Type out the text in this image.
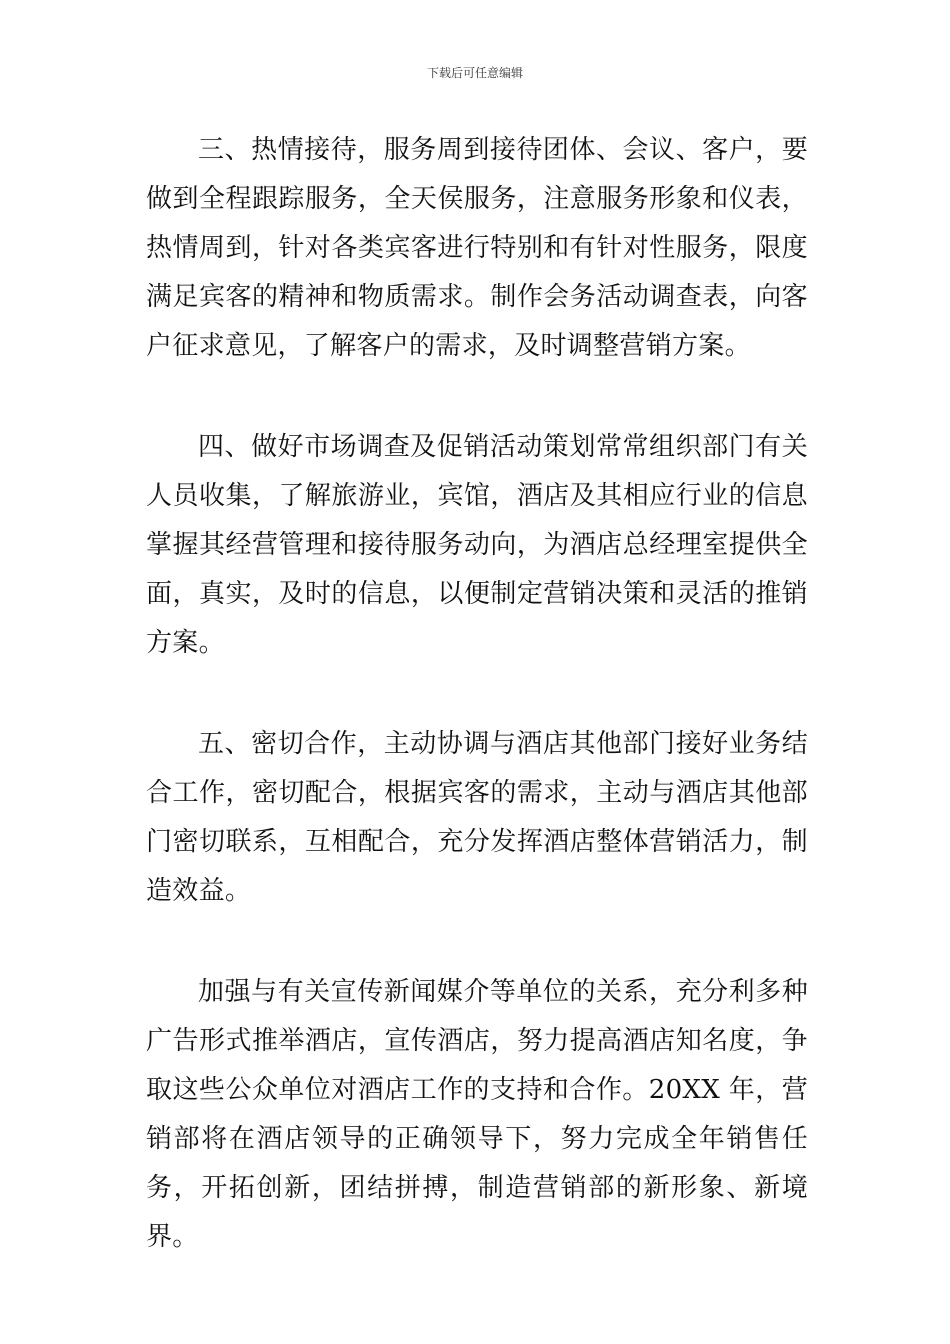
下载后可任意编辑

三、热情接待，服务周到接待团体、会议、客户，要做到全程跟踪服务，全天侯服务，注意服务形象和仪表，热情周到，针对各类宾客进行特别和有针对性服务，限度满足宾客的精神和物质需求。制作会务活动调查表，向客户征求意见，了解客户的需求，及时调整营销方案。

四、做好市场调查及促销活动策划常常组织部门有关人员收集，了解旅游业，宾馆，酒店及其相应行业的信息掌握其经营管理和接待服务动向，为酒店总经理室提供全面，真实，及时的信息，以便制定营销决策和灵活的推销方案。

五、密切合作，主动协调与酒店其他部门接好业务结合工作，密切配合，根据宾客的需求，主动与酒店其他部门密切联系，互相配合，充分发挥酒店整体营销活力，制造效益。

加强与有关宣传新闻媒介等单位的关系，充分利多种广告形式推举酒店，宣传酒店，努力提高酒店知名度，争取这些公众单位对酒店工作的支持和合作。20XX 年，营销部将在酒店领导的正确领导下，努力完成全年销售任务，开拓创新，团结拼搏，制造营销部的新形象、新境界。
